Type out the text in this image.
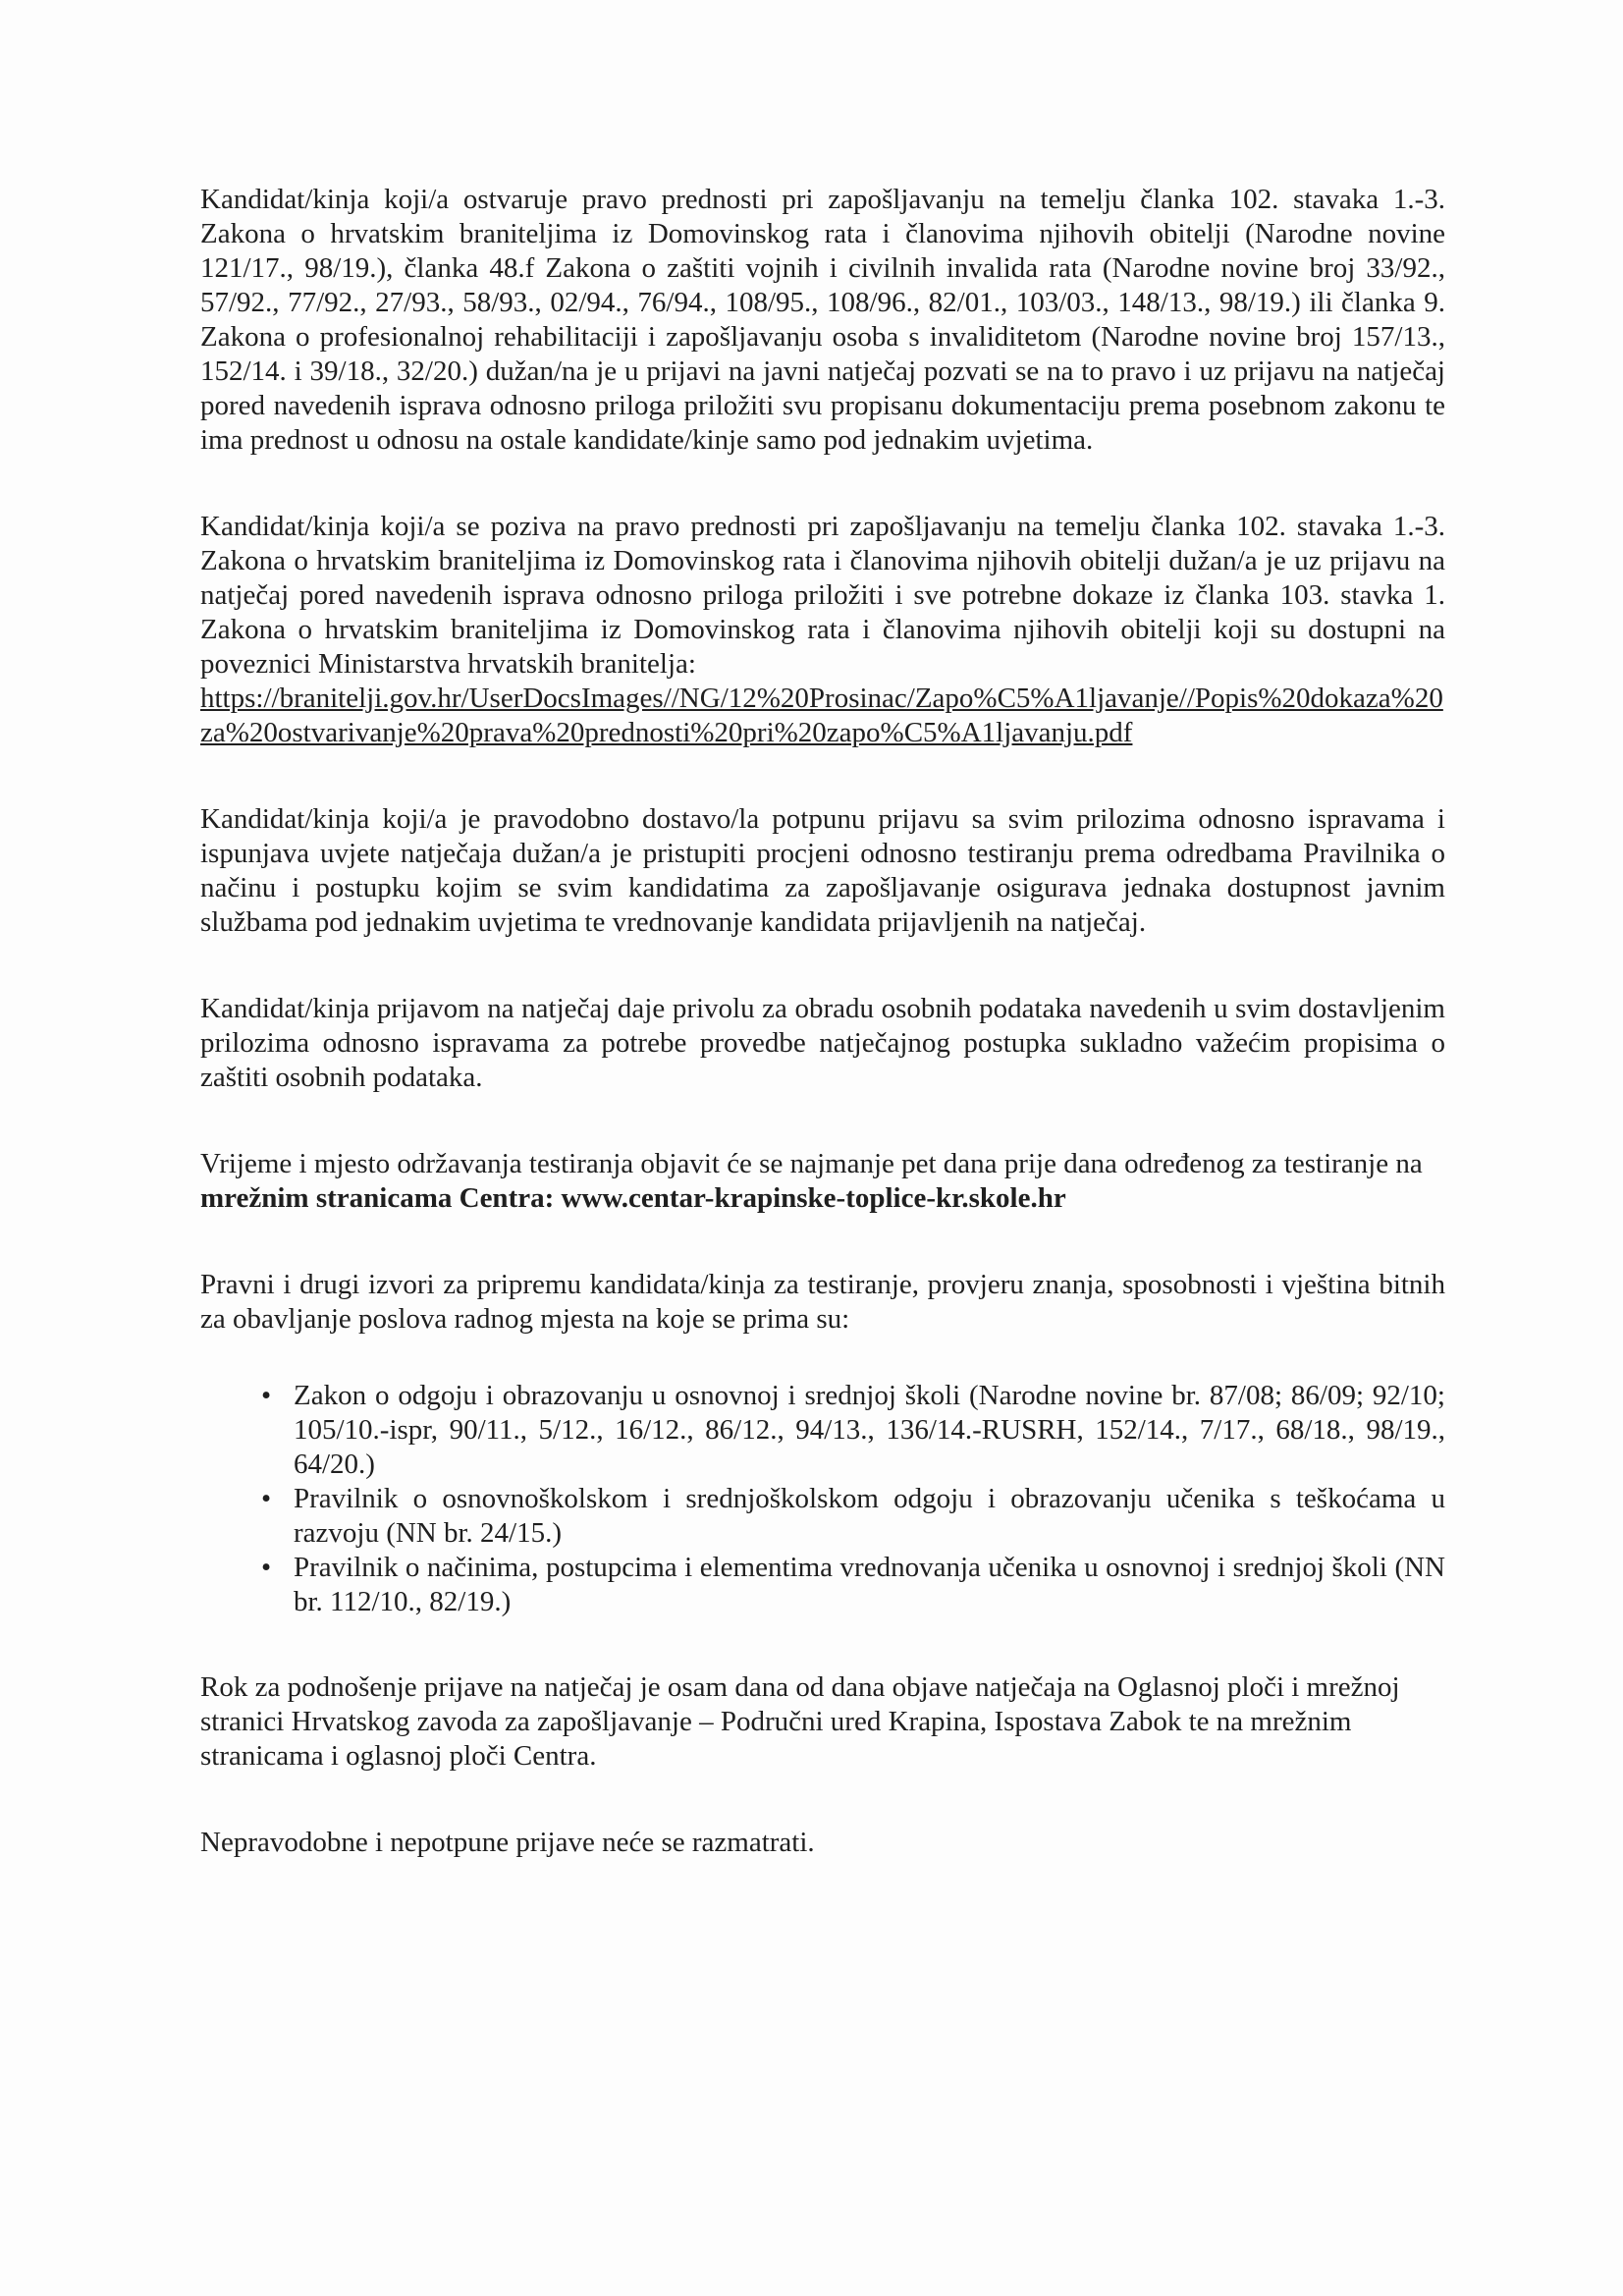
Kandidat/kinja koji/a ostvaruje pravo prednosti pri zapošljavanju na temelju članka 102. stavaka 1.-3. Zakona o hrvatskim braniteljima iz Domovinskog rata i članovima njihovih obitelji (Narodne novine 121/17., 98/19.), članka 48.f Zakona o zaštiti vojnih i civilnih invalida rata (Narodne novine broj 33/92., 57/92., 77/92., 27/93., 58/93., 02/94., 76/94., 108/95., 108/96., 82/01., 103/03., 148/13., 98/19.) ili članka 9. Zakona o profesionalnoj rehabilitaciji i zapošljavanju osoba s invaliditetom (Narodne novine broj 157/13., 152/14. i 39/18., 32/20.) dužan/na je u prijavi na javni natječaj pozvati se na to pravo i uz prijavu na natječaj pored navedenih isprava odnosno priloga priložiti svu propisanu dokumentaciju prema posebnom zakonu te ima prednost u odnosu na ostale kandidate/kinje samo pod jednakim uvjetima.

Kandidat/kinja koji/a se poziva na pravo prednosti pri zapošljavanju na temelju članka 102. stavaka 1.-3. Zakona o hrvatskim braniteljima iz Domovinskog rata i članovima njihovih obitelji dužan/a je uz prijavu na natječaj pored navedenih isprava odnosno priloga priložiti i sve potrebne dokaze iz članka 103. stavka 1. Zakona o hrvatskim braniteljima iz Domovinskog rata i članovima njihovih obitelji koji su dostupni na poveznici Ministarstva hrvatskih branitelja:
https://branitelji.gov.hr/UserDocsImages//NG/12%20Prosinac/Zapo%C5%A1ljavanje//Popis%20dokaza%20za%20ostvarivanje%20prava%20prednosti%20pri%20zapo%C5%A1ljavanju.pdf

Kandidat/kinja koji/a je pravodobno dostavo/la potpunu prijavu sa svim prilozima odnosno ispravama i ispunjava uvjete natječaja dužan/a je pristupiti procjeni odnosno testiranju prema odredbama Pravilnika o načinu i postupku kojim se svim kandidatima za zapošljavanje osigurava jednaka dostupnost javnim službama pod jednakim uvjetima te vrednovanje kandidata prijavljenih na natječaj.

Kandidat/kinja prijavom na natječaj daje privolu za obradu osobnih podataka navedenih u svim dostavljenim prilozima odnosno ispravama za potrebe provedbe natječajnog postupka sukladno važećim propisima o zaštiti osobnih podataka.

Vrijeme i mjesto održavanja testiranja objavit će se najmanje pet dana prije dana određenog za testiranje na mrežnim stranicama Centra: www.centar-krapinske-toplice-kr.skole.hr

Pravni i drugi izvori za pripremu kandidata/kinja za testiranje, provjeru znanja, sposobnosti i vještina bitnih za obavljanje poslova radnog mjesta na koje se prima su:

• Zakon o odgoju i obrazovanju u osnovnoj i srednjoj školi (Narodne novine br. 87/08; 86/09; 92/10; 105/10.-ispr, 90/11., 5/12., 16/12., 86/12., 94/13., 136/14.-RUSRH, 152/14., 7/17., 68/18., 98/19., 64/20.)
• Pravilnik o osnovnoškolskom i srednjoškolskom odgoju i obrazovanju učenika s teškoćama u razvoju (NN br. 24/15.)
• Pravilnik o načinima, postupcima i elementima vrednovanja učenika u osnovnoj i srednjoj školi (NN br. 112/10., 82/19.)

Rok za podnošenje prijave na natječaj je osam dana od dana objave natječaja na Oglasnoj ploči i mrežnoj stranici Hrvatskog zavoda za zapošljavanje – Područni ured Krapina, Ispostava Zabok te na mrežnim stranicama i oglasnoj ploči Centra.

Nepravodobne i nepotpune prijave neće se razmatrati.
